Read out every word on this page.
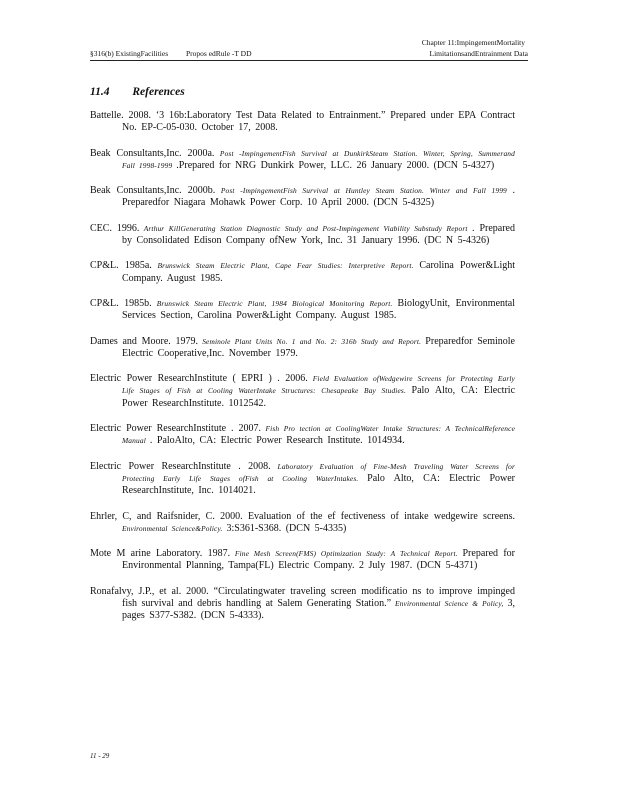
Chapter 11:ImpingementMortality
§316(b) ExistingFacilities Propos edRule -T DD	LimitationsandEntrainment Data
11.4 References
Battelle. 2008. ‘3 16b:Laboratory Test Data Related to Entrainment.” Prepared under EPA Contract No. EP-C-05-030. October 17, 2008.
Beak Consultants,Inc. 2000a. Post -ImpingementFish Survival at DunkirkSteam Station. Winter, Spring, Summerand Fall 1998-1999 .Prepared for NRG Dunkirk Power, LLC. 26 January 2000. (DCN 5-4327)
Beak Consultants,Inc. 2000b. Post -ImpingementFish Survival at Huntley Steam Station. Winter and Fall 1999 . Preparedfor Niagara Mohawk Power Corp. 10 April 2000. (DCN 5-4325)
CEC. 1996. Arthur KillGenerating Station Diagnostic Study and Post-Impingement Viability Substudy Report . Prepared by Consolidated Edison Company ofNew York, Inc. 31 January 1996. (DC N 5-4326)
CP&L. 1985a. Brunswick Steam Electric Plant, Cape Fear Studies: Interpretive Report. Carolina Power&Light Company. August 1985.
CP&L. 1985b. Brunswick Steam Electric Plant, 1984 Biological Monitoring Report. BiologyUnit, Environmental Services Section, Carolina Power&Light Company. August 1985.
Dames and Moore. 1979. Seminole Plant Units No. 1 and No. 2: 316b Study and Report. Preparedfor Seminole Electric Cooperative,Inc. November 1979.
Electric Power ResearchInstitute ( EPRI ) . 2006. Field Evaluation ofWedgewire Screens for Protecting Early Life Stages of Fish at Cooling WaterIntake Structures: Chesapeake Bay Studies. Palo Alto, CA: Electric Power ResearchInstitute. 1012542.
Electric Power ResearchInstitute . 2007. Fish Pro tection at CoolingWater Intake Structures: A TechnicalReference Manual . PaloAlto, CA: Electric Power Research Institute. 1014934.
Electric Power ResearchInstitute . 2008. Laboratory Evaluation of Fine-Mesh Traveling Water Screens for Protecting Early Life Stages ofFish at Cooling WaterIntakes. Palo Alto, CA: Electric Power ResearchInstitute, Inc. 1014021.
Ehrler, C, and Raifsnider, C. 2000. Evaluation of the ef fectiveness of intake wedgewire screens. Environmental Science&Policy. 3:S361-S368. (DCN 5-4335)
Mote M arine Laboratory. 1987. Fine Mesh Screen(FMS) Optimization Study: A Technical Report. Prepared for Environmental Planning, Tampa(FL) Electric Company. 2 July 1987. (DCN 5-4371)
Ronafalvy, J.P., et al. 2000. “Circulatingwater traveling screen modificatio ns to improve impinged fish survival and debris handling at Salem Generating Station.” Environmental Science & Policy, 3, pages S377-S382. (DCN 5-4333).
11 - 29
